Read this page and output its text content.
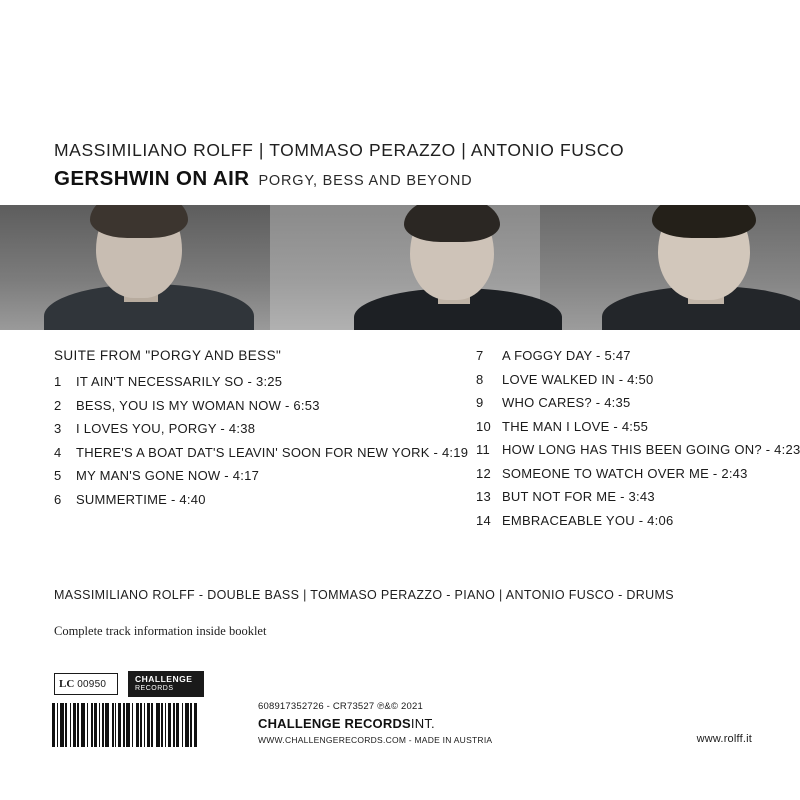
MASSIMILIANO ROLFF | TOMMASO PERAZZO | ANTONIO FUSCO
GERSHWIN ON AIR PORGY, BESS AND BEYOND
SUITE FROM "PORGY AND BESS"
1	IT AIN'T NECESSARILY SO - 3:25
2	BESS, YOU IS MY WOMAN NOW - 6:53
3	I LOVES YOU, PORGY - 4:38
4	THERE'S A BOAT DAT'S LEAVIN' SOON FOR NEW YORK - 4:19
5	MY MAN'S GONE NOW - 4:17
6	SUMMERTIME - 4:40
7	A FOGGY DAY - 5:47
8	LOVE WALKED IN - 4:50
9	WHO CARES? - 4:35
10 THE MAN I LOVE - 4:55
11 HOW LONG HAS THIS BEEN GOING ON? - 4:23
12 SOMEONE TO WATCH OVER ME - 2:43
13 BUT NOT FOR ME - 3:43
14 EMBRACEABLE YOU - 4:06
MASSIMILIANO ROLFF - DOUBLE BASS | TOMMASO PERAZZO - PIANO | ANTONIO FUSCO - DRUMS
Complete track information inside booklet
LC 00950	CHALLENGE
RECORDS
608917352726 - CR73527 ℗&© 2021
CHALLENGE RECORDSINT.
WWW.CHALLENGERECORDS.COM - MADE IN AUSTRIA	www.rolff.it
